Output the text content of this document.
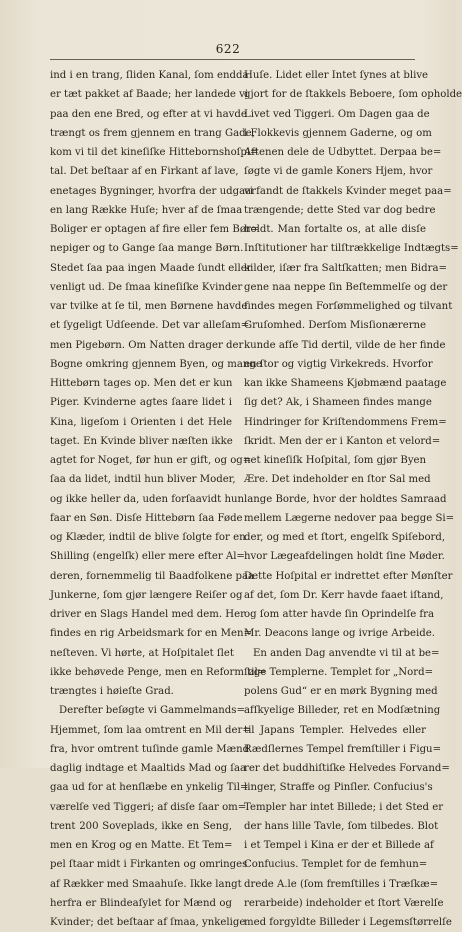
622
ind i en trang, ſliden Kanal, ſom endda
er tæt pakket af Baade; her landede vi
paa den ene Bred, og efter at vi havde
trængt os frem gjennem en trang Gade,
kom vi til det kineſiſke Hittebornshoſpi=
tal. Det beſtaar af en Firkant af lave,
enetages Bygninger, hvorfra der udgaar
en lang Række Huſe; hver af de ſmaa
Boliger er optagen af fire eller fem Bør=
nepiger og to Gange ſaa mange Børn.
Stedet ſaa paa ingen Maade ſundt eller
venligt ud. De ſmaa kineſiſke Kvinder
var tvilke at ſe til, men Børnene havde
et ſygeligt Udſeende. Det var alleſam=
men Pigebørn. Om Natten drager der
Bogne omkring gjennem Byen, og mange
Hittebørn tages op. Men det er kun
Piger. Kvinderne agtes ſaare lidet i
Kina, ligeſom i Orienten i det Hele
taget. En Kvinde bliver næſten ikke
agtet for Noget, før hun er gift, og og=
ſaa da lidet, indtil hun bliver Moder,
og ikke heller da, uden forſaavidt hun
faar en Søn. Disſe Hittebørn ſaa Føde
og Klæder, indtil de blive ſolgte for en
Shilling (engelſk) eller mere efter Al=
deren, fornemmelig til Baadfolkene paa
Junkerne, ſom gjør længere Reiſer og
driver en Slags Handel med dem. Her
findes en rig Arbeidsmark for en Men=
neſteven. Vi hørte, at Hoſpitalet ſlet
ikke behøvede Penge, men en Reform til=
trængtes i høieſte Grad.
Derefter beſøgte vi Gammelmands=
Hjemmet, ſom laa omtrent en Mil der=
fra, hvor omtrent tuſinde gamle Mænd
daglig indtage et Maaltids Mad og ſaa
gaa ud for at henſlæbe en ynkelig Til=
værelſe ved Tiggeri; af disſe ſaar om=
trent 200 Soveplads, ikke en Seng,
men en Krog og en Matte. Et Tem=
pel ſtaar midt i Firkanten og omringes
af Rækker med Smaahuſe. Ikke langt
herfra er Blindeaſylet for Mænd og
Kvinder; det beſtaar af ſmaa, ynkelige
Huſe. Lidet eller Intet ſynes at blive
gjort for de ſtakkels Beboere, ſom opholde
Livet ved Tiggeri. Om Dagen gaa de
i Flokkevis gjennem Gaderne, og om
Aftenen dele de Udbyttet. Derpaa be=
ſøgte vi de gamle Koners Hjem, hvor
vi fandt de ſtakkels Kvinder meget paa=
trængende; dette Sted var dog bedre
holdt. Man fortalte os, at alle disſe
Inſtitutioner har tilſtrækkelige Indtægts=
kilder, iſær fra Saltſkatten; men Bidra=
gene naa neppe ſin Beſtemmelſe og der
findes megen Forſømmelighed og tilvant
Gruſomhed. Derſom Misſionærerne
kunde afſe Tid dertil, vilde de her finde
en ſtor og vigtig Virkekreds. Hvorfor
kan ikke Shameens Kjøbmænd paatage
ſig det? Ak, i Shameen findes mange
Hindringer for Kriſtendommens Frem=
ſkridt. Men der er i Kanton et velord=
net kineſiſk Hoſpital, ſom gjør Byen
Ære. Det indeholder en ſtor Sal med
lange Borde, hvor der holdtes Samraad
mellem Lægerne nedover paa begge Si=
der, og med et ſtort, engelſk Spiſebord,
hvor Lægeafdelingen holdt ſine Møder.
Dette Hoſpital er indrettet efter Mønſter
af det, ſom Dr. Kerr havde faaet iſtand,
og ſom atter havde ſin Oprindelſe fra
Mr. Deacons lange og ivrige Arbeide.
En anden Dag anvendte vi til at be=
ſøge Templerne. Templet for „Nord=
polens Gud“ er en mørk Bygning med
afſkyelige Billeder, ret en Modſætning
til Japans Templer. Helvedes eller
Rædſlernes Tempel fremſtiller i Figu=
rer det buddhiſtiſke Helvedes Forvand=
linger, Straffe og Pinſler. Confucius's
Templer har intet Billede; i det Sted er
der hans lille Tavle, ſom tilbedes. Blot
i et Tempel i Kina er der et Billede af
Confucius. Templet for de femhun=
drede A.le (ſom fremſtilles i Træſkæ=
rerarbeide) indeholder et ſtort Værelſe
med forgyldte Billeder i Legemsſtørrelſe
